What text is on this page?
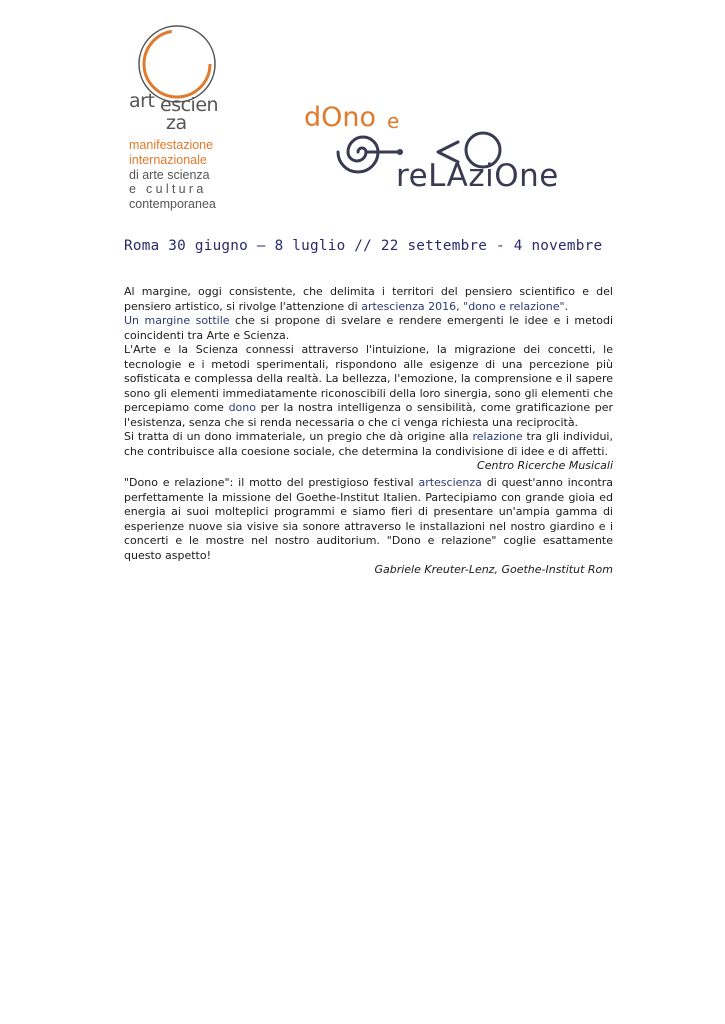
art escien
za
manifestazione
internazionale
di arte scienza
e cultura
contemporanea
dOno e
reLAziOne
Roma 30 giugno – 8 luglio // 22 settembre - 4 novembre

Al margine, oggi consistente, che delimita i territori del pensiero scientifico e del pensiero artistico, si rivolge l'attenzione di artescienza 2016, "dono e relazione".

Un margine sottile che si propone di svelare e rendere emergenti le idee e i metodi coincidenti tra Arte e Scienza.

L'Arte e la Scienza connessi attraverso l'intuizione, la migrazione dei concetti, le tecnologie e i metodi sperimentali, rispondono alle esigenze di una percezione più sofisticata e complessa della realtà. La bellezza, l'emozione, la comprensione e il sapere sono gli elementi immediatamente riconoscibili della loro sinergia, sono gli elementi che percepiamo come dono per la nostra intelligenza o sensibilità, come gratificazione per l'esistenza, senza che si renda necessaria o che ci venga richiesta una reciprocità.

Si tratta di un dono immateriale, un pregio che dà origine alla relazione tra gli individui, che contribuisce alla coesione sociale, che determina la condivisione di idee e di affetti.

Centro Ricerche Musicali

"Dono e relazione": il motto del prestigioso festival artescienza di quest'anno incontra perfettamente la missione del Goethe-Institut Italien. Partecipiamo con grande gioia ed energia ai suoi molteplici programmi e siamo fieri di presentare un'ampia gamma di esperienze nuove sia visive sia sonore attraverso le installazioni nel nostro giardino e i concerti e le mostre nel nostro auditorium. "Dono e relazione" coglie esattamente questo aspetto!

Gabriele Kreuter-Lenz, Goethe-Institut Rom
